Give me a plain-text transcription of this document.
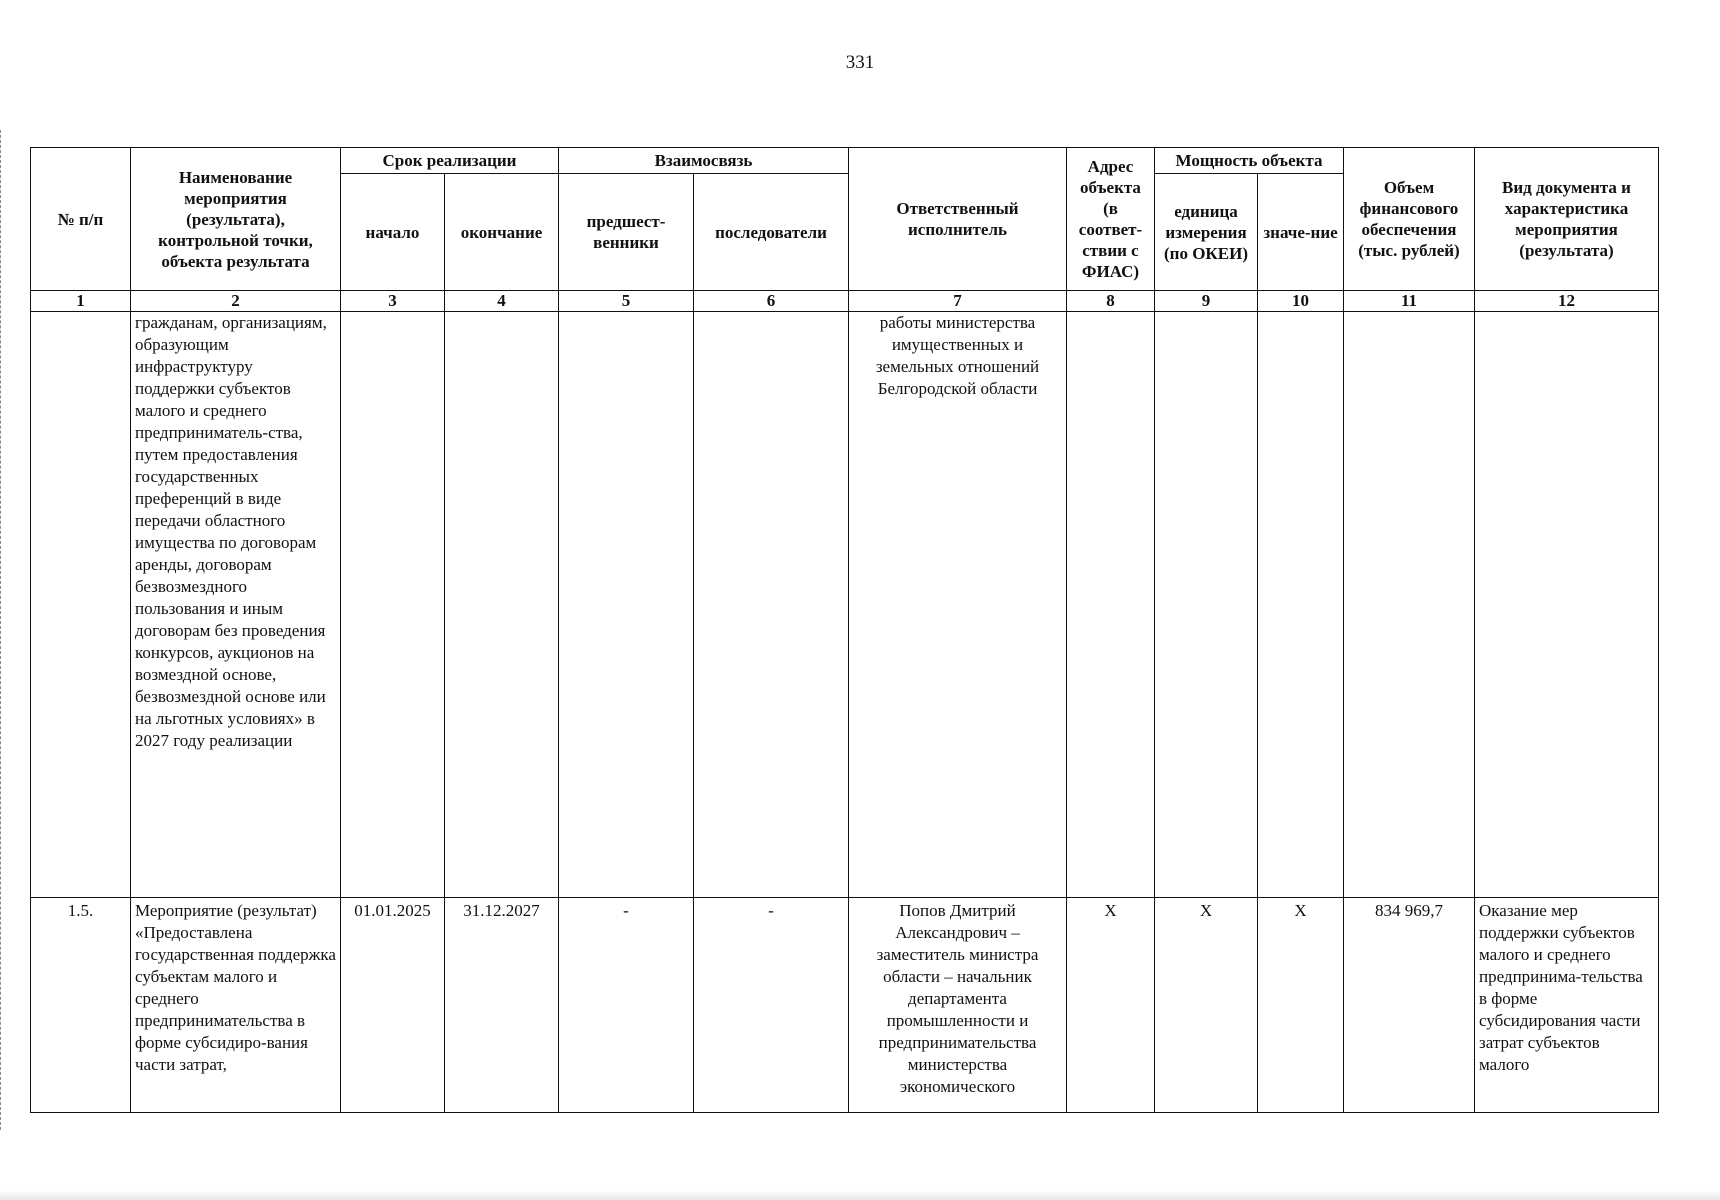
331
№ п/п	Наименование мероприятия (результата), контрольной точки, объекта результата	Срок реализации		Взаимосвязь		Ответственный исполнитель	Адрес объекта (в соответ-ствии с ФИАС)	Мощность объекта		Объем финансового обеспечения (тыс. рублей)	Вид документа и характеристика мероприятия (результата)
		начало	окончание	предшест-венники	последователи			единица измерения (по ОКЕИ)	значе-ние		
1	2	3	4	5	6	7	8	9	10	11	12
	гражданам, организациям, образующим инфраструктуру поддержки субъектов малого и среднего предприниматель-ства, путем предоставления государственных преференций в виде передачи областного имущества по договорам аренды, договорам безвозмездного пользования и иным договорам без проведения конкурсов, аукционов на возмездной основе, безвозмездной основе или на льготных условиях» в 2027 году реализации					работы министерства имущественных и земельных отношений Белгородской области					
1.5.	Мероприятие (результат) «Предоставлена государственная поддержка субъектам малого и среднего предпринимательства в форме субсидиро-вания части затрат,	01.01.2025	31.12.2027	-	-	Попов Дмитрий Александрович – заместитель министра области – начальник департамента промышленности и предпринимательства министерства экономического	Х	Х	Х	834 969,7	Оказание мер поддержки субъектов малого и среднего предпринима-тельства в форме субсидирования части затрат субъектов малого
